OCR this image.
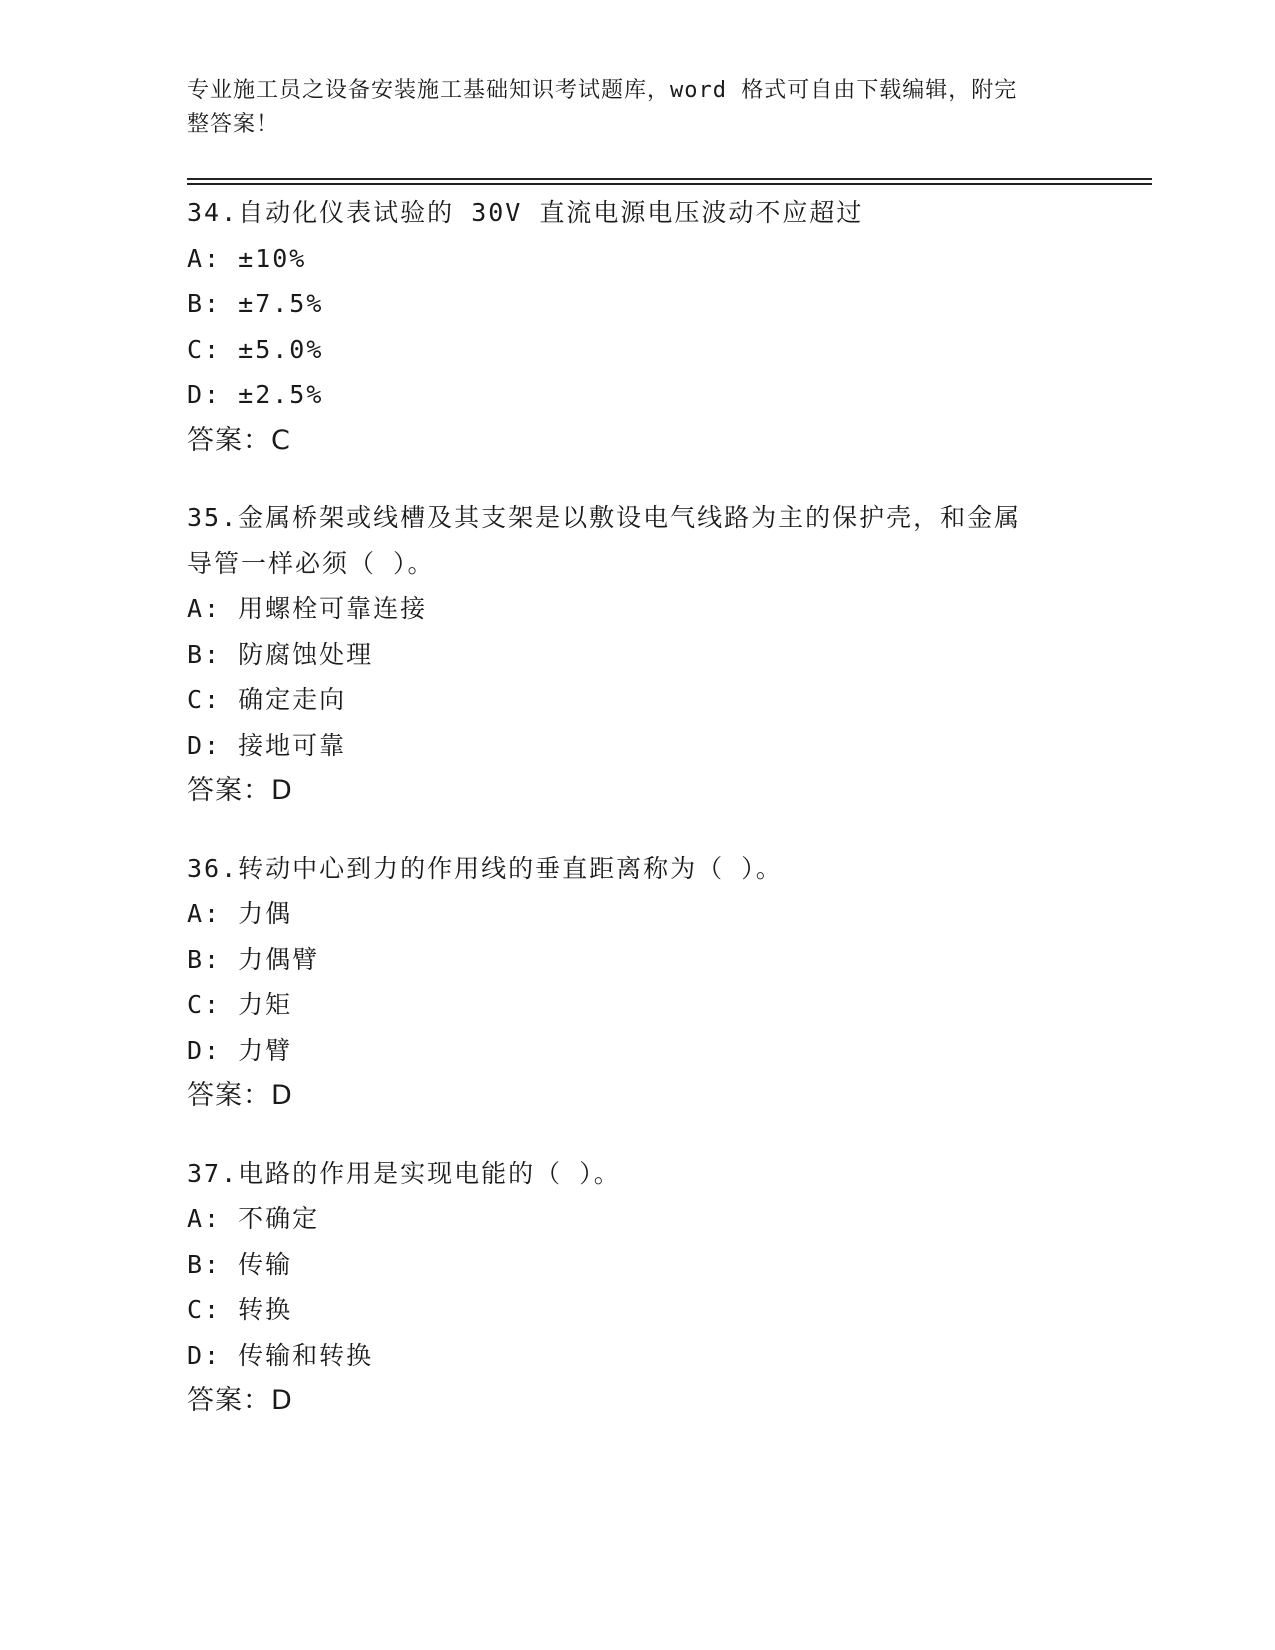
专业施工员之设备安装施工基础知识考试题库，word 格式可自由下载编辑，附完
整答案！
34.自动化仪表试验的 30V 直流电源电压波动不应超过
A: ±10%
B: ±7.5%
C: ±5.0%
D: ±2.5%
答案：C
35.金属桥架或线槽及其支架是以敷设电气线路为主的保护壳，和金属
导管一样必须（ ）。
A: 用螺栓可靠连接
B: 防腐蚀处理
C: 确定走向
D: 接地可靠
答案：D
36.转动中心到力的作用线的垂直距离称为（ ）。
A: 力偶
B: 力偶臂
C: 力矩
D: 力臂
答案：D
37.电路的作用是实现电能的（ ）。
A: 不确定
B: 传输
C: 转换
D: 传输和转换
答案：D
